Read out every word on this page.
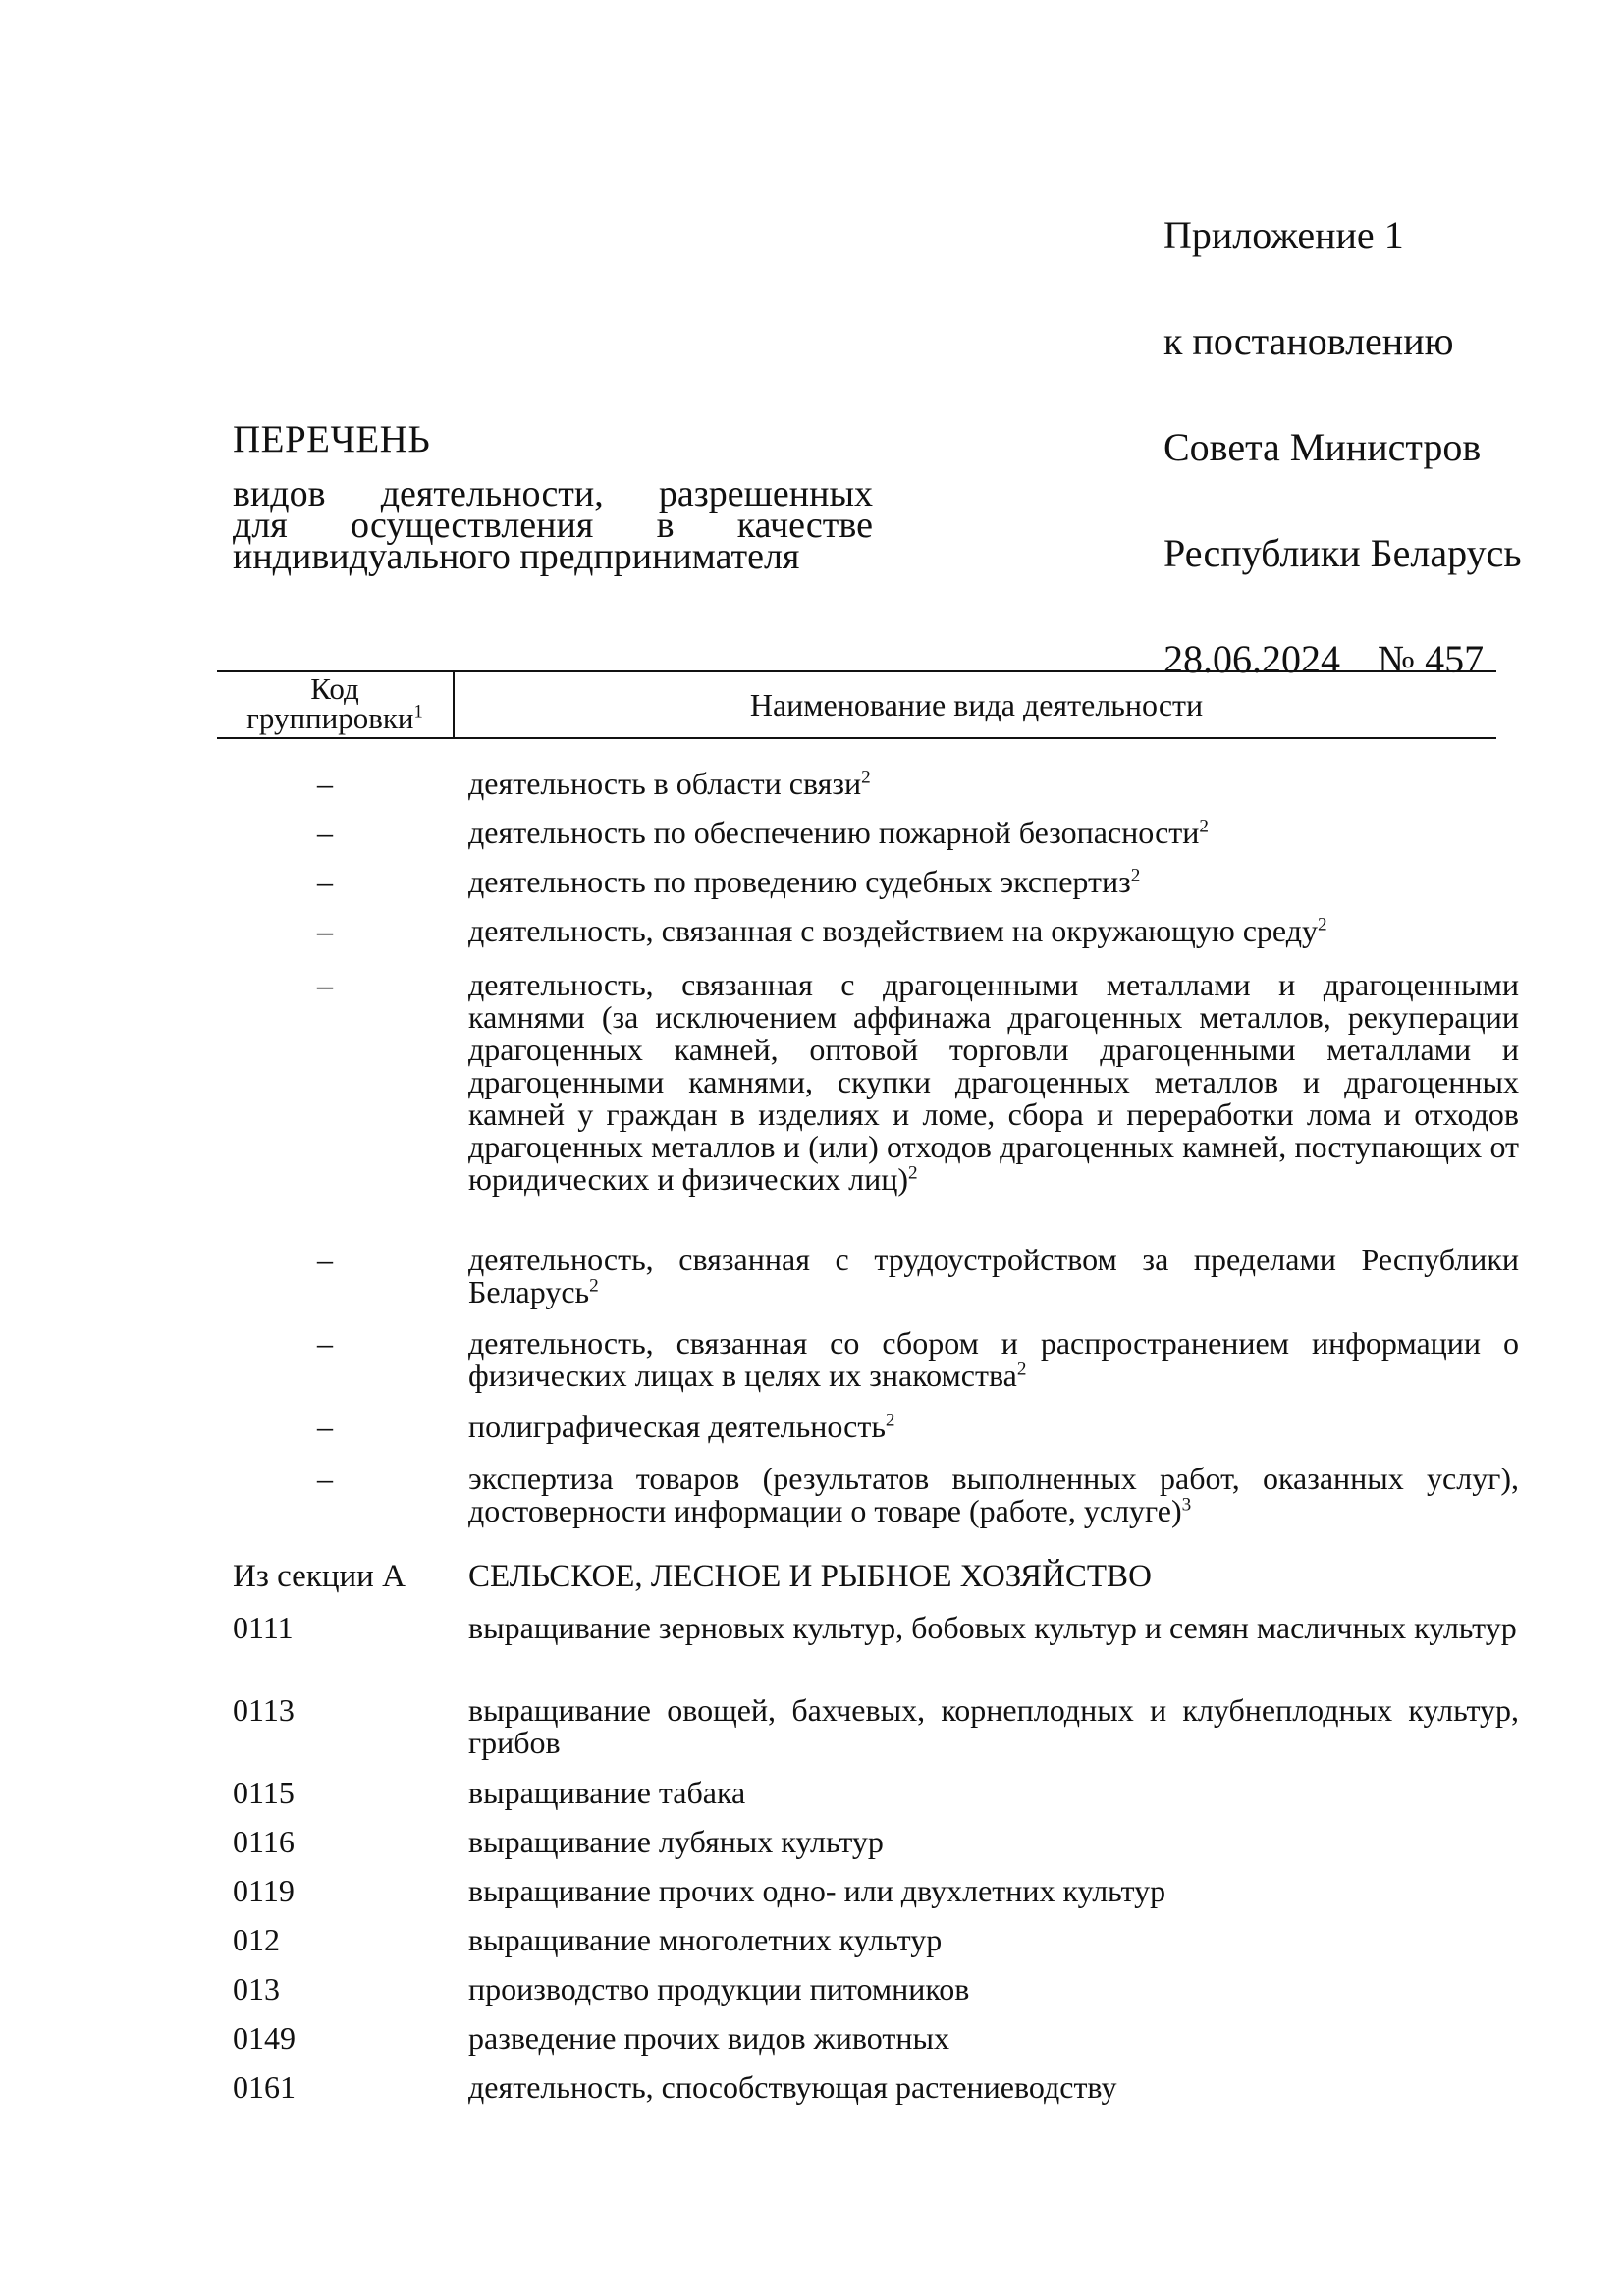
Приложение 1

к постановлению

Совета Министров

Республики Беларусь

28.06.2024 № 457

ПЕРЕЧЕНЬ
видов деятельности, разрешенных
для осуществления в качестве
индивидуального предпринимателя
Код
группировки$^1$	Наименование вида деятельности
–	деятельность в области связи$^2$
–	деятельность по обеспечению пожарной безопасности$^2$
–	деятельность по проведению судебных экспертиз$^2$
–	деятельность, связанная с воздействием на окружающую среду$^2$
–	деятельность, связанная с драгоценными металлами и драгоценными камнями (за исключением аффинажа драгоценных металлов, рекуперации драгоценных камней, оптовой торговли драгоценными металлами и драгоценными камнями, скупки драгоценных металлов и драгоценных камней у граждан в изделиях и ломе, сбора и переработки лома и отходов драгоценных металлов и (или) отходов драгоценных камней, поступающих от юридических и физических лиц)$^2$
–	деятельность, связанная с трудоустройством за пределами Республики Беларусь$^2$
–	деятельность, связанная со сбором и распространением информации о физических лицах в целях их знакомства$^2$
–	полиграфическая деятельность$^2$
–	экспертиза товаров (результатов выполненных работ, оказанных услуг), достоверности информации о товаре (работе, услуге)$^3$
Из секции А	СЕЛЬСКОЕ, ЛЕСНОЕ И РЫБНОЕ ХОЗЯЙСТВО
0111	выращивание зерновых культур, бобовых культур и семян масличных культур
0113	выращивание овощей, бахчевых, корнеплодных и клубнеплодных культур, грибов
0115	выращивание табака
0116	выращивание лубяных культур
0119	выращивание прочих одно- или двухлетних культур
012	выращивание многолетних культур
013	производство продукции питомников
0149	разведение прочих видов животных
0161	деятельность, способствующая растениеводству
